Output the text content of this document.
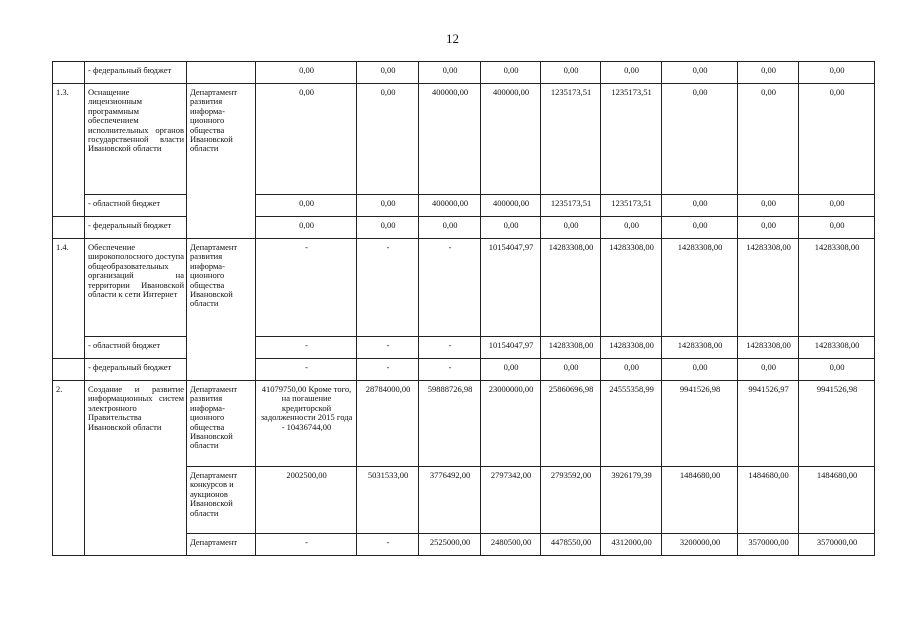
12
	- федеральный бюджет		0,00	0,00	0,00	0,00	0,00	0,00	0,00	0,00	0,00
1.3.	Оснащение лицензионным программным обеспечением исполнительных органов государственной власти Ивановской области	Департамент развития информа-ционного общества Ивановской области	0,00	0,00	400000,00	400000,00	1235173,51	1235173,51	0,00	0,00	0,00
	- областной бюджет		0,00	0,00	400000,00	400000,00	1235173,51	1235173,51	0,00	0,00	0,00
	- федеральный бюджет		0,00	0,00	0,00	0,00	0,00	0,00	0,00	0,00	0,00
1.4.	Обеспечение широкополосного доступа общеобразовательных организаций на территории Ивановской области к сети Интернет	Департамент развития информа-ционного общества Ивановской области	-	-	-	10154047,97	14283308,00	14283308,00	14283308,00	14283308,00	14283308,00
	- областной бюджет		-	-	-	10154047,97	14283308,00	14283308,00	14283308,00	14283308,00	14283308,00
	- федеральный бюджет		-	-	-	0,00	0,00	0,00	0,00	0,00	0,00
2.	Создание и развитие информационных систем электронного Правительства Ивановской области	Департамент развития информа-ционного общества Ивановской области	41079750,00 Кроме того, на погашение кредиторской задолженности 2015 года - 10436744,00	28784000,00	59888726,98	23000000,00	25860696,98	24555358,99	9941526,98	9941526,97	9941526,98
		Департамент конкурсов и аукционов Ивановской области	2002500,00	5031533,00	3776492,00	2797342,00	2793592,00	3926179,39	1484680,00	1484680,00	1484680,00
		Департамент	-	-	2525000,00	2480500,00	4478550,00	4312000,00	3200000,00	3570000,00	3570000,00
